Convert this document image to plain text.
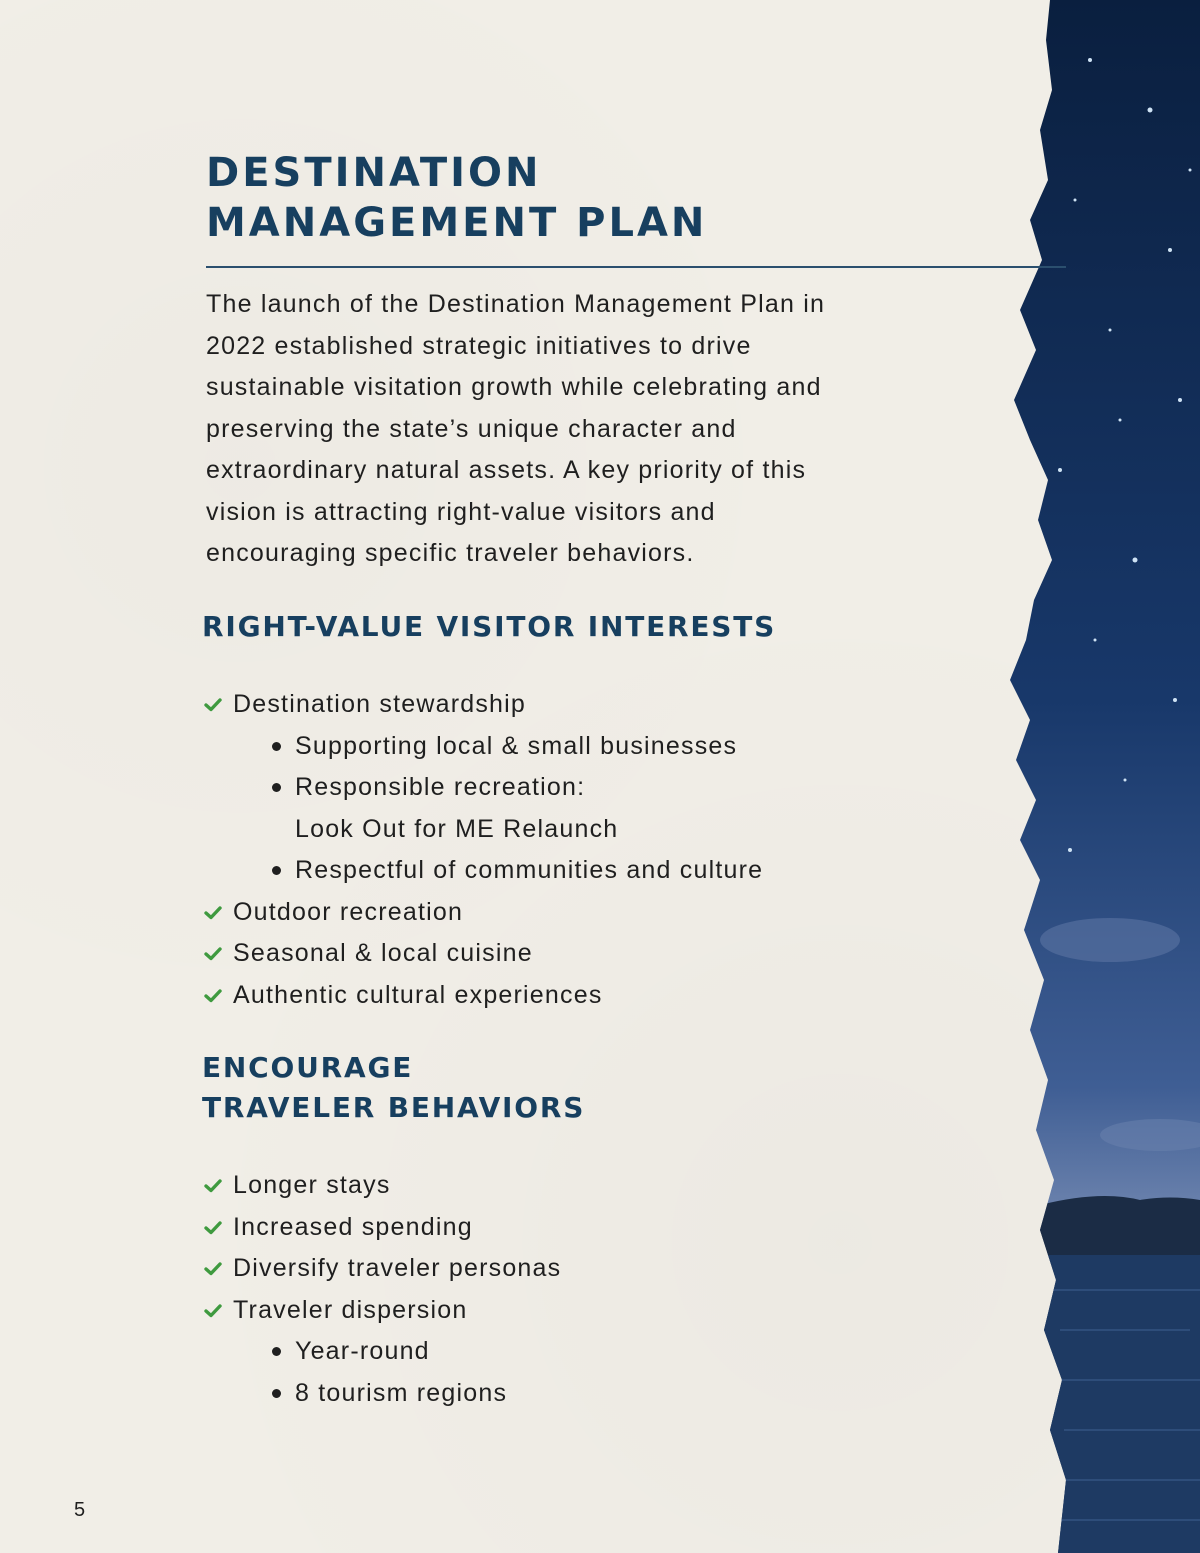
DESTINATION
MANAGEMENT PLAN

The launch of the Destination Management Plan in 2022 established strategic initiatives to drive sustainable visitation growth while celebrating and preserving the state’s unique character and extraordinary natural assets. A key priority of this vision is attracting right-value visitors and encouraging specific traveler behaviors.

RIGHT-VALUE VISITOR INTERESTS
Destination stewardship
Supporting local & small businesses
Responsible recreation:
Look Out for ME Relaunch
Respectful of communities and culture
Outdoor recreation
Seasonal & local cuisine
Authentic cultural experiences
ENCOURAGE
TRAVELER BEHAVIORS
Longer stays
Increased spending
Diversify traveler personas
Traveler dispersion
Year-round
8 tourism regions
5
